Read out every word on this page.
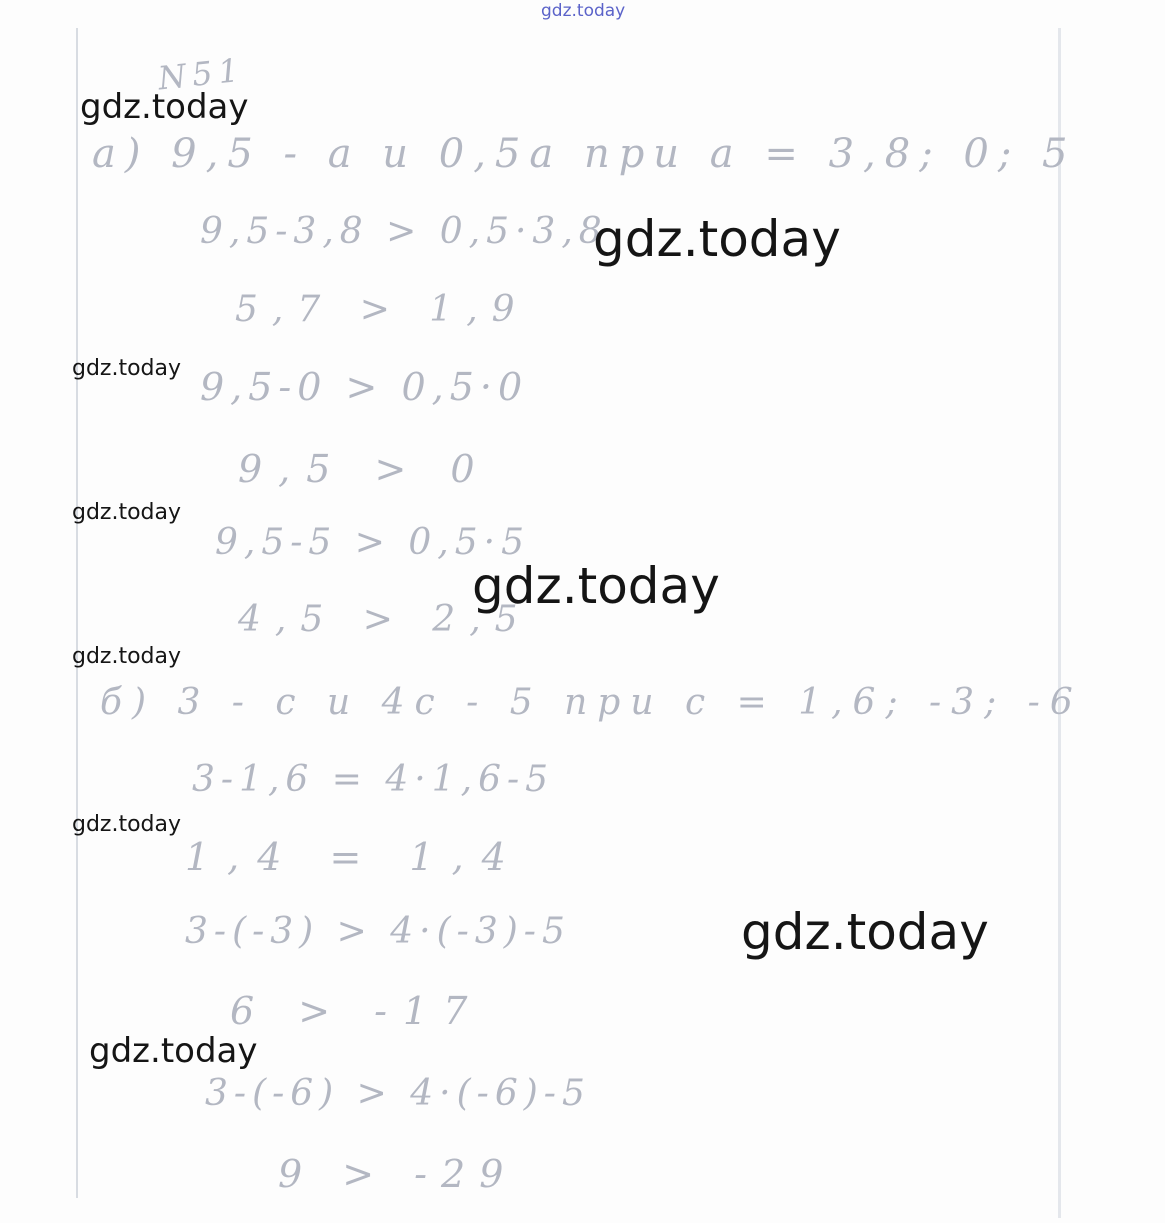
gdz.today
N51
а) 9,5 - а и 0,5а при а = 3,8; 0; 5
9,5-3,8 > 0,5·3,8
5,7 > 1,9
9,5-0 > 0,5·0
9,5 > 0
9,5-5 > 0,5·5
4,5 > 2,5
б) 3 - с и 4с - 5 при с = 1,6; -3; -6
3-1,6 = 4·1,6-5
1,4 = 1,4
3-(-3) > 4·(-3)-5
6 > -17
3-(-6) > 4·(-6)-5
9 > -29
gdz.today
gdz.today
gdz.today
gdz.today
gdz.today
gdz.today
gdz.today
gdz.today
gdz.today
